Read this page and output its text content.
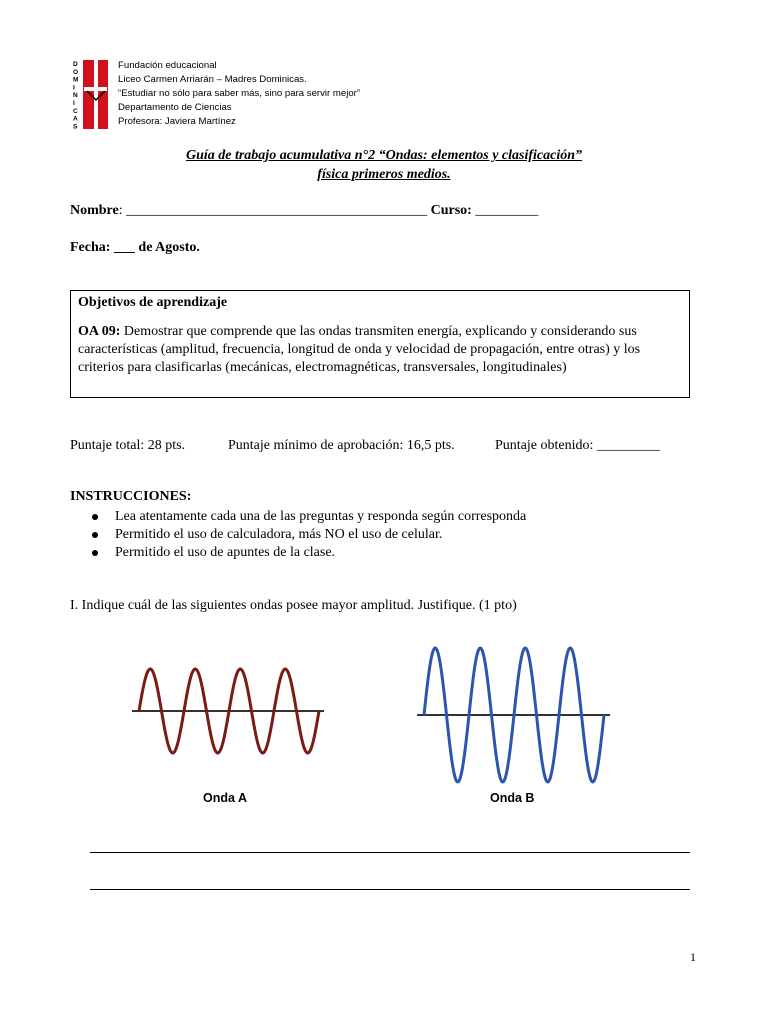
D
O
M
I
N
I
C
A
S
Fundación educacional
Liceo Carmen Arriarán – Madres Dominicas.
“Estudiar no sólo para saber más, sino para servir mejor”
Departamento de Ciencias
Profesora: Javiera Martínez
Guía de trabajo acumulativa n°2 “Ondas: elementos y clasificación”
física primeros medios.
Nombre: ___________________________________________ Curso: _________
Fecha: ___ de Agosto.
Objetivos de aprendizaje
OA 09: Demostrar que comprende que las ondas transmiten energía, explicando y considerando sus características (amplitud, frecuencia, longitud de onda y velocidad de propagación, entre otras) y los criterios para clasificarlas (mecánicas, electromagnéticas, transversales, longitudinales)
Puntaje total: 28 pts.	Puntaje mínimo de aprobación: 16,5 pts.	Puntaje obtenido: _________
INSTRUCCIONES:
Lea atentamente cada una de las preguntas y responda según corresponda
Permitido el uso de calculadora, más NO el uso de celular.
Permitido el uso de apuntes de la clase.
I. Indique cuál de las siguientes ondas posee mayor amplitud. Justifique. (1 pto)
Onda A	Onda B
1
